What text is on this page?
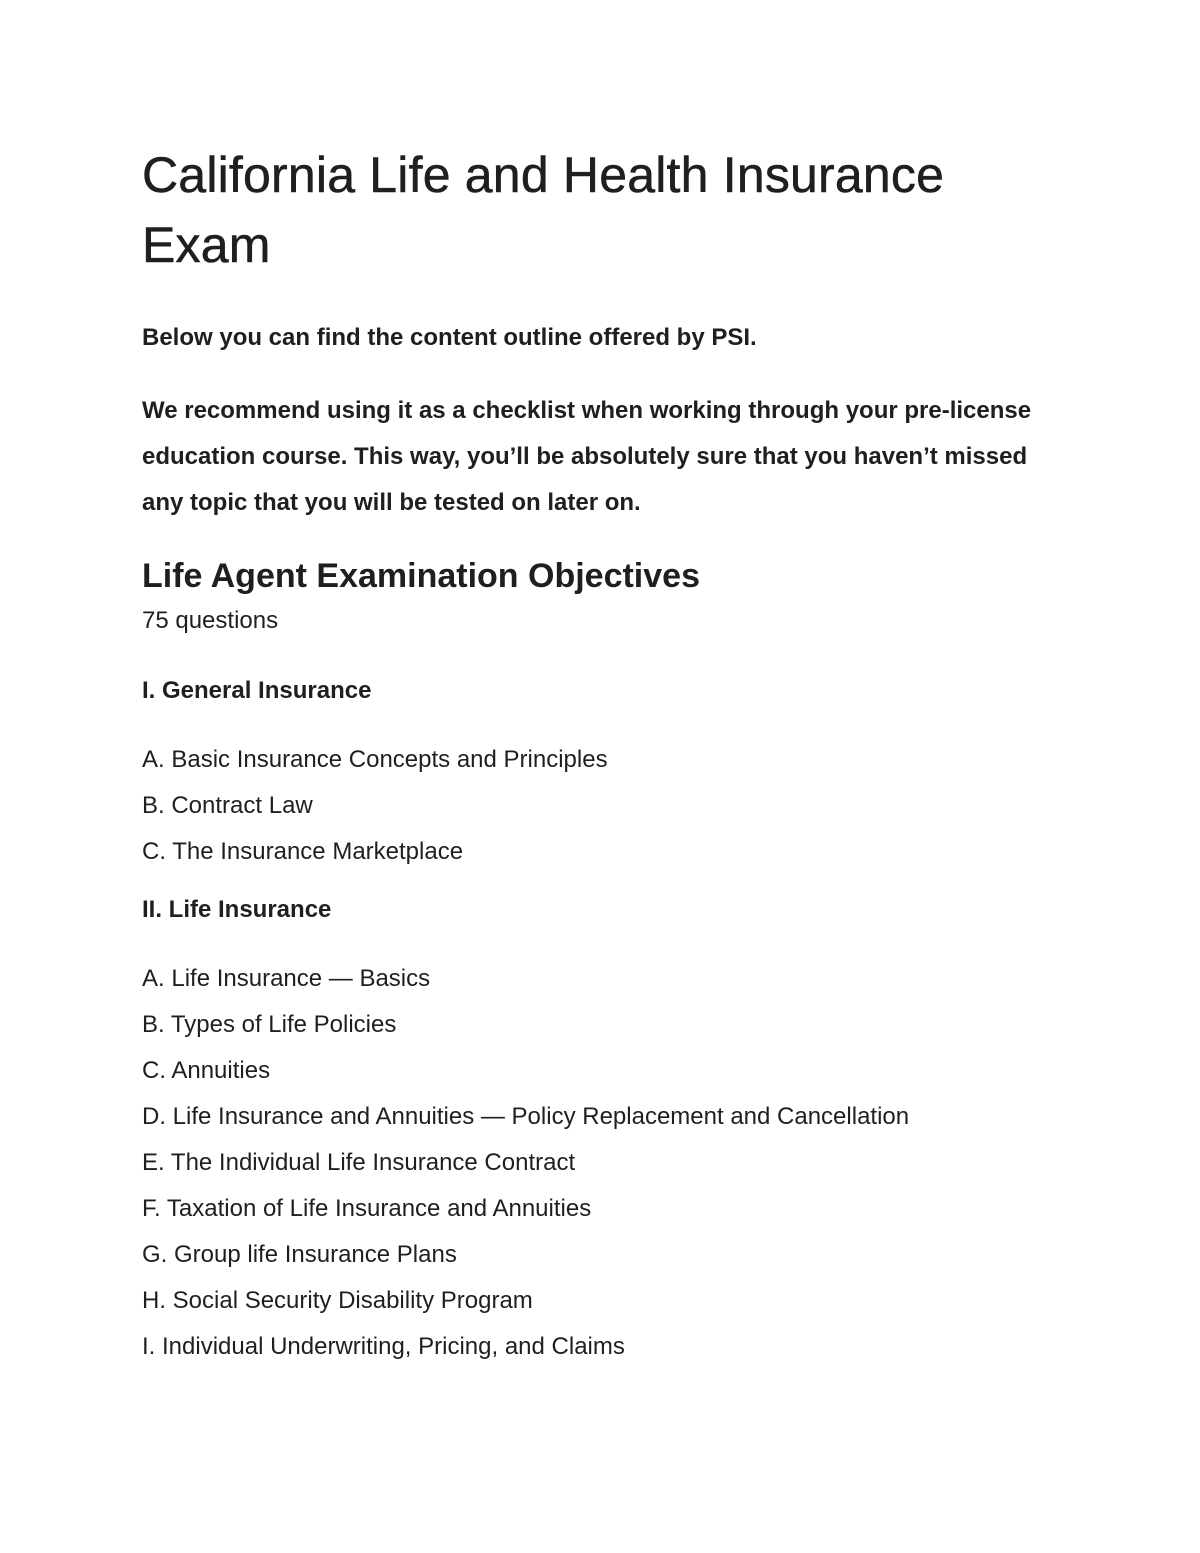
California Life and Health Insurance Exam

Below you can find the content outline offered by PSI.

We recommend using it as a checklist when working through your pre-license education course. This way, you’ll be absolutely sure that you haven’t missed any topic that you will be tested on later on.

Life Agent Examination Objectives

75 questions

I. General Insurance
A. Basic Insurance Concepts and Principles
B. Contract Law
C. The Insurance Marketplace
II. Life Insurance
A. Life Insurance — Basics
B. Types of Life Policies
C. Annuities
D. Life Insurance and Annuities — Policy Replacement and Cancellation
E. The Individual Life Insurance Contract
F. Taxation of Life Insurance and Annuities
G. Group life Insurance Plans
H. Social Security Disability Program
I. Individual Underwriting, Pricing, and Claims
